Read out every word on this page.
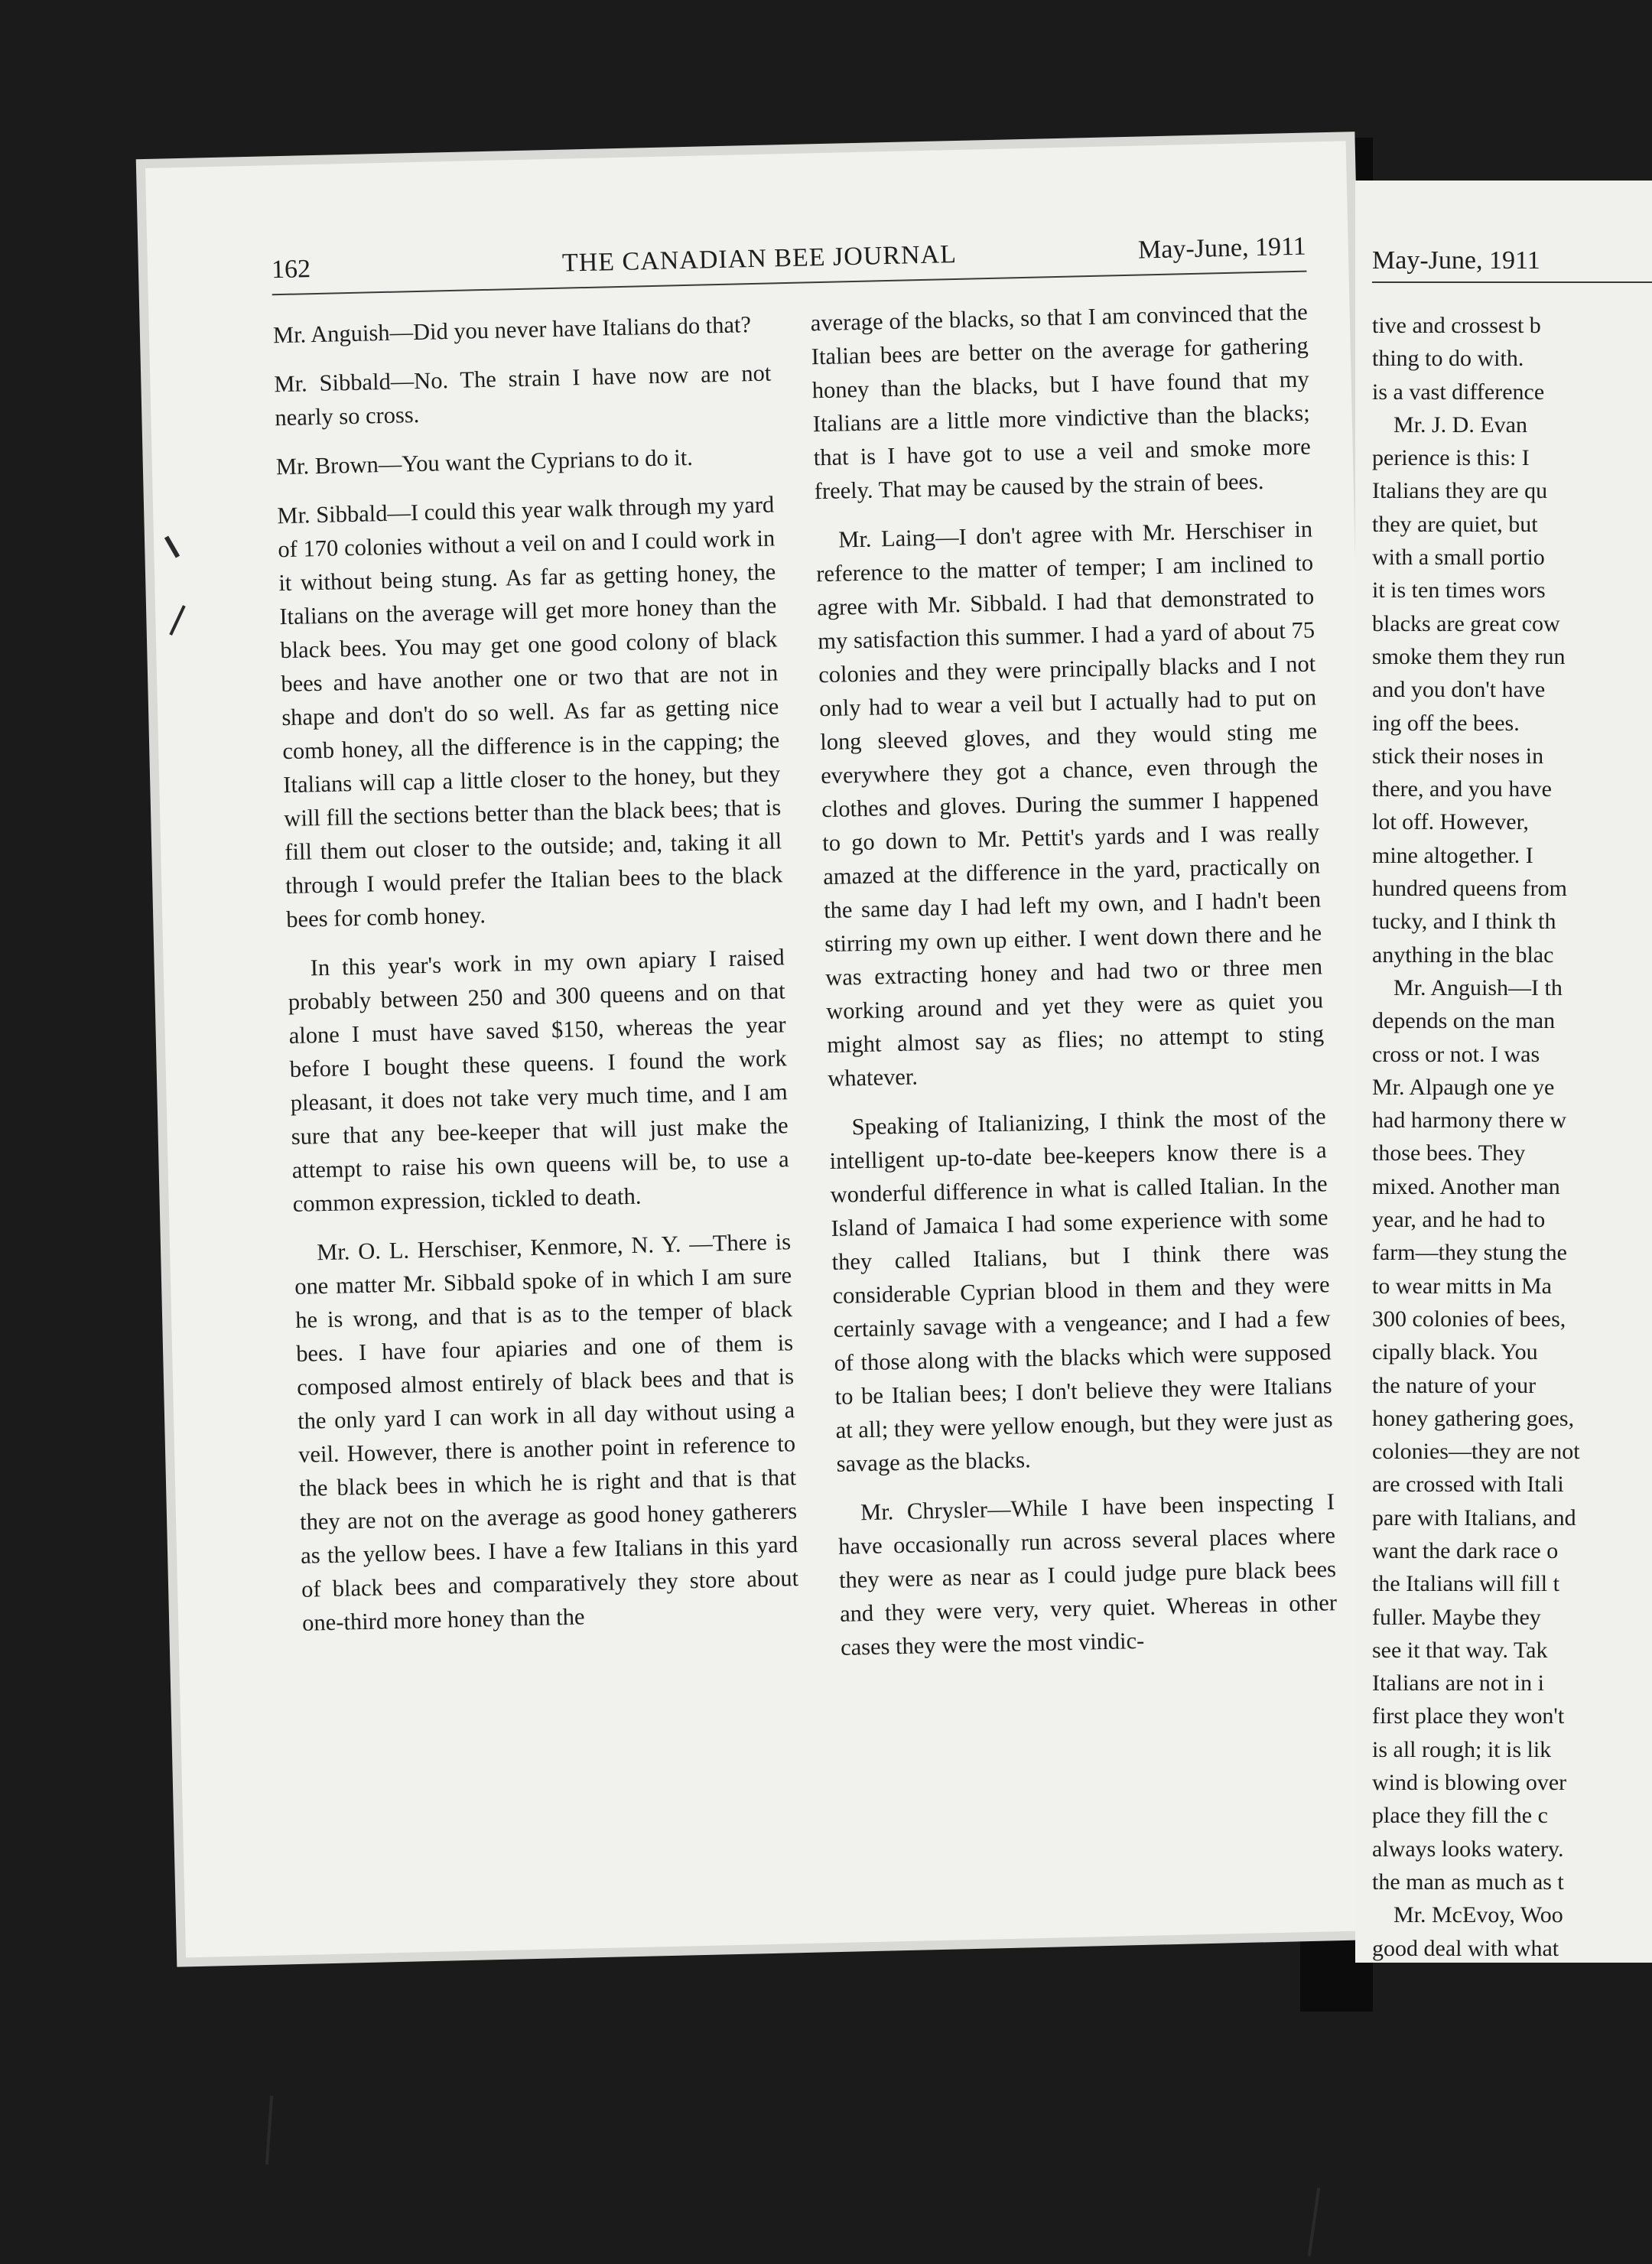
162	THE CANADIAN BEE JOURNAL	May-June, 1911

Mr. Anguish—Did you never have Italians do that?

Mr. Sibbald—No. The strain I have now are not nearly so cross.

Mr. Brown—You want the Cyprians to do it.

Mr. Sibbald—I could this year walk through my yard of 170 colonies without a veil on and I could work in it without being stung. As far as getting honey, the Italians on the average will get more honey than the black bees. You may get one good colony of black bees and have another one or two that are not in shape and don't do so well. As far as getting nice comb honey, all the difference is in the capping; the Italians will cap a little closer to the honey, but they will fill the sections better than the black bees; that is fill them out closer to the outside; and, taking it all through I would prefer the Italian bees to the black bees for comb honey.

In this year's work in my own apiary I raised probably between 250 and 300 queens and on that alone I must have saved $150, whereas the year before I bought these queens. I found the work pleasant, it does not take very much time, and I am sure that any bee-keeper that will just make the attempt to raise his own queens will be, to use a common expression, tickled to death.

Mr. O. L. Herschiser, Kenmore, N. Y. —There is one matter Mr. Sibbald spoke of in which I am sure he is wrong, and that is as to the temper of black bees. I have four apiaries and one of them is composed almost entirely of black bees and that is the only yard I can work in all day without using a veil. However, there is another point in reference to the black bees in which he is right and that is that they are not on the average as good honey gatherers as the yellow bees. I have a few Italians in this yard of black bees and comparatively they store about one-third more honey than the

average of the blacks, so that I am convinced that the Italian bees are better on the average for gathering honey than the blacks, but I have found that my Italians are a little more vindictive than the blacks; that is I have got to use a veil and smoke more freely. That may be caused by the strain of bees.

Mr. Laing—I don't agree with Mr. Herschiser in reference to the matter of temper; I am inclined to agree with Mr. Sibbald. I had that demonstrated to my satisfaction this summer. I had a yard of about 75 colonies and they were principally blacks and I not only had to wear a veil but I actually had to put on long sleeved gloves, and they would sting me everywhere they got a chance, even through the clothes and gloves. During the summer I happened to go down to Mr. Pettit's yards and I was really amazed at the difference in the yard, practically on the same day I had left my own, and I hadn't been stirring my own up either. I went down there and he was extracting honey and had two or three men working around and yet they were as quiet you might almost say as flies; no attempt to sting whatever.

Speaking of Italianizing, I think the most of the intelligent up-to-date bee-keepers know there is a wonderful difference in what is called Italian. In the Island of Jamaica I had some experience with some they called Italians, but I think there was considerable Cyprian blood in them and they were certainly savage with a vengeance; and I had a few of those along with the blacks which were supposed to be Italian bees; I don't believe they were Italians at all; they were yellow enough, but they were just as savage as the blacks.

Mr. Chrysler—While I have been inspecting I have occasionally run across several places where they were as near as I could judge pure black bees and they were very, very quiet. Whereas in other cases they were the most vindic-

May-June, 1911
tive and crossest b
thing to do with.
is a vast difference
Mr. J. D. Evan
perience is this: I
Italians they are qu
they are quiet, but
with a small portio
it is ten times wors
blacks are great cow
smoke them they run
and you don't have
ing off the bees.
stick their noses in
there, and you have
lot off. However,
mine altogether. I
hundred queens from
tucky, and I think th
anything in the blac
Mr. Anguish—I th
depends on the man
cross or not. I was
Mr. Alpaugh one ye
had harmony there w
those bees. They
mixed. Another man
year, and he had to
farm—they stung the
to wear mitts in Ma
300 colonies of bees,
cipally black. You
the nature of your
honey gathering goes,
colonies—they are not
are crossed with Itali
pare with Italians, and
want the dark race o
the Italians will fill t
fuller. Maybe they
see it that way. Tak
Italians are not in i
first place they won't
is all rough; it is lik
wind is blowing over
place they fill the c
always looks watery.
the man as much as t
Mr. McEvoy, Woo
good deal with what
